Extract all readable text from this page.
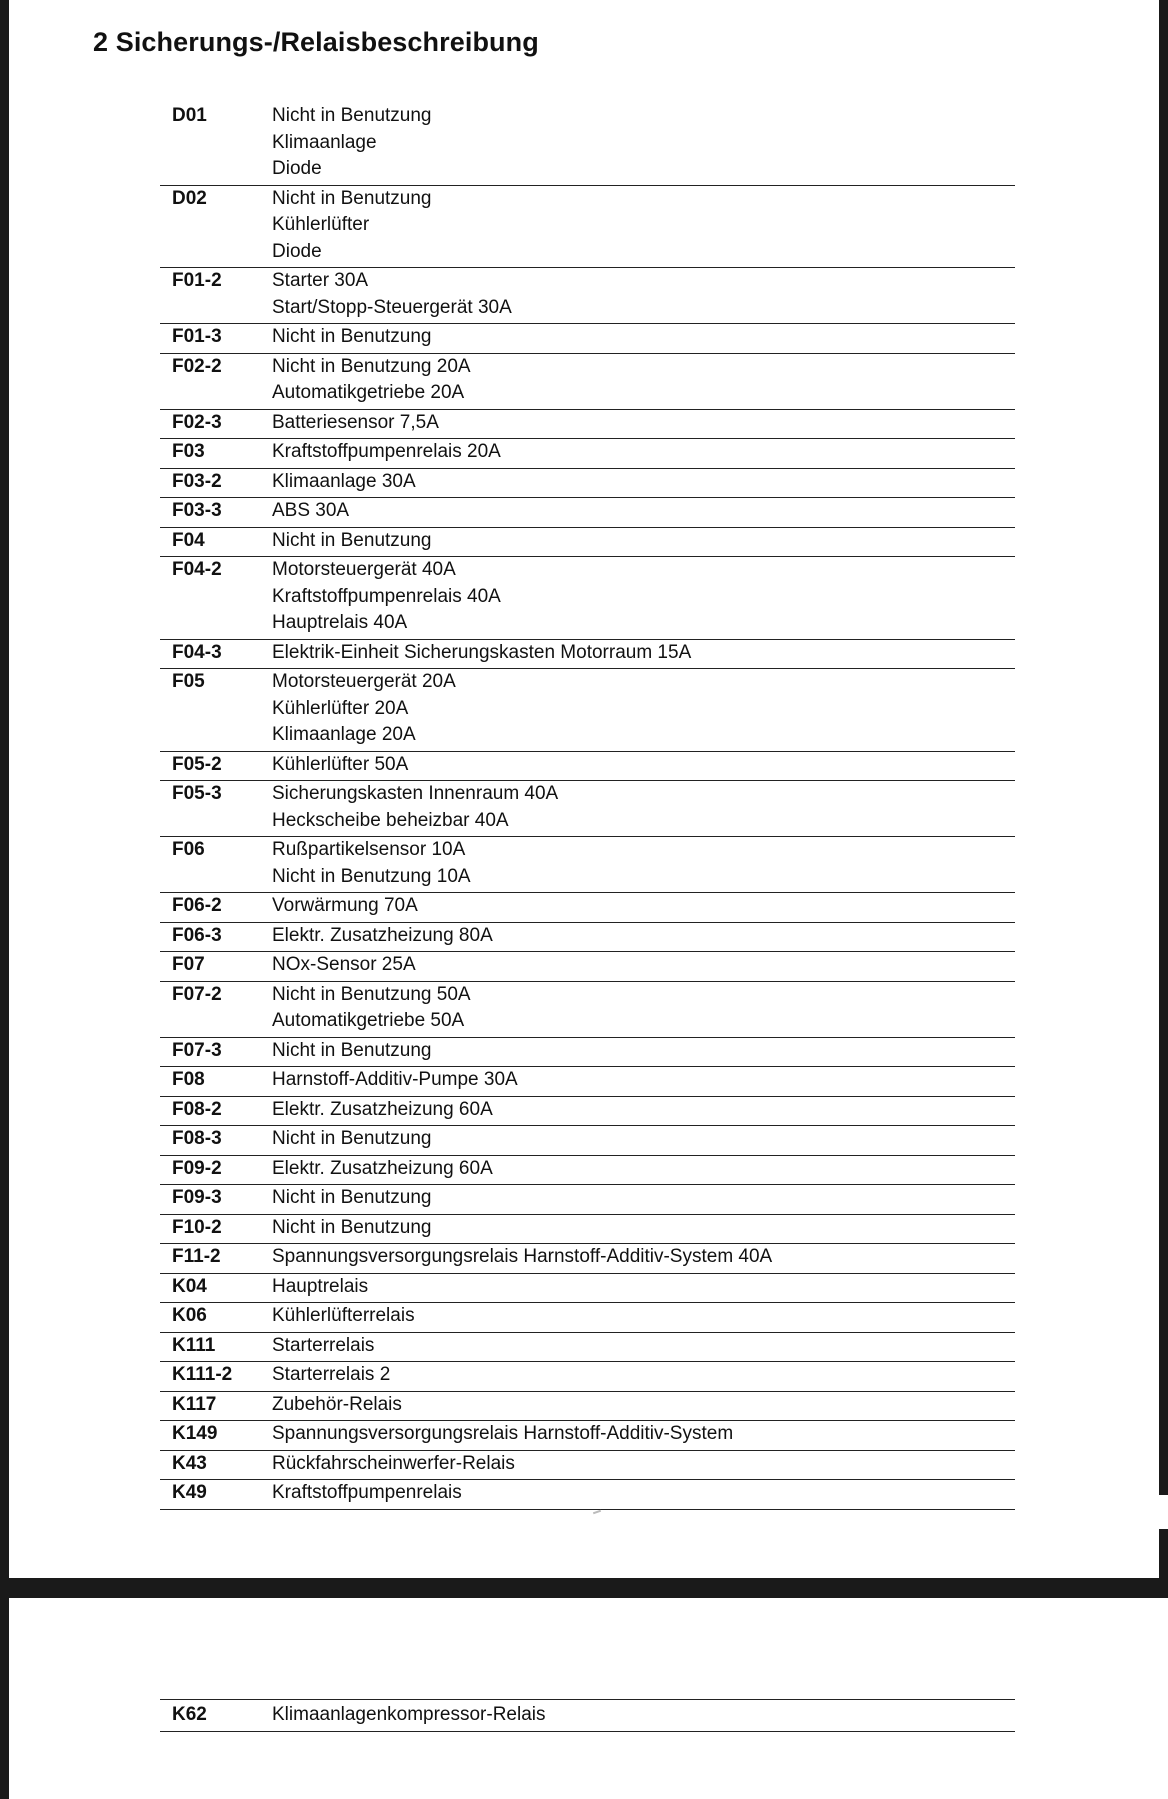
2 Sicherungs-/Relaisbeschreibung
D01	Nicht in Benutzung
Klimaanlage
Diode
D02	Nicht in Benutzung
Kühlerlüfter
Diode
F01-2	Starter 30A
Start/Stopp-Steuergerät 30A
F01-3	Nicht in Benutzung
F02-2	Nicht in Benutzung 20A
Automatikgetriebe 20A
F02-3	Batteriesensor 7,5A
F03	Kraftstoffpumpenrelais 20A
F03-2	Klimaanlage 30A
F03-3	ABS 30A
F04	Nicht in Benutzung
F04-2	Motorsteuergerät 40A
Kraftstoffpumpenrelais 40A
Hauptrelais 40A
F04-3	Elektrik-Einheit Sicherungskasten Motorraum 15A
F05	Motorsteuergerät 20A
Kühlerlüfter 20A
Klimaanlage 20A
F05-2	Kühlerlüfter 50A
F05-3	Sicherungskasten Innenraum 40A
Heckscheibe beheizbar 40A
F06	Rußpartikelsensor 10A
Nicht in Benutzung 10A
F06-2	Vorwärmung 70A
F06-3	Elektr. Zusatzheizung 80A
F07	NOx-Sensor 25A
F07-2	Nicht in Benutzung 50A
Automatikgetriebe 50A
F07-3	Nicht in Benutzung
F08	Harnstoff-Additiv-Pumpe 30A
F08-2	Elektr. Zusatzheizung 60A
F08-3	Nicht in Benutzung
F09-2	Elektr. Zusatzheizung 60A
F09-3	Nicht in Benutzung
F10-2	Nicht in Benutzung
F11-2	Spannungsversorgungsrelais Harnstoff-Additiv-System 40A
K04	Hauptrelais
K06	Kühlerlüfterrelais
K111	Starterrelais
K111-2	Starterrelais 2
K117	Zubehör-Relais
K149	Spannungsversorgungsrelais Harnstoff-Additiv-System
K43	Rückfahrscheinwerfer-Relais
K49	Kraftstoffpumpenrelais
K62	Klimaanlagenkompressor-Relais
